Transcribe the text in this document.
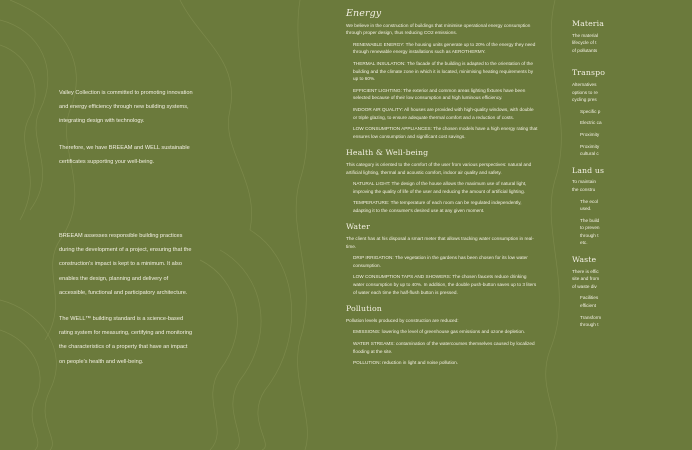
Valley Collection is committed to promoting innovation and energy efficiency through new building systems, integrating design with technology.

Therefore, we have BREEAM and WELL sustainable certificates supporting your well-being.

BREEAM assesses responsible building practices during the development of a project, ensuring that the construction's impact is kept to a minimum. It also enables the design, planning and delivery of accessible, functional and participatory architecture.

The WELL™ building standard is a science-based rating system for measuring, certifying and monitoring the characteristics of a property that have an impact on people's health and well-being.

Energy
We believe in the construction of buildings that minimise operational energy consumption through proper design, thus reducing CO2 emissions.
RENEWABLE ENERGY: The housing units generate up to 20% of the energy they need through renewable energy installations such as AEROTHERMY.
THERMAL INSULATION: The facade of the building is adapted to the orientation of the building and the climate zone in which it is located, minimising heating requirements by up to 60%.
EFFICIENT LIGHTING: The exterior and common areas lighting fixtures have been selected because of their low consumption and high luminous efficiency.
INDOOR AIR QUALITY: All houses are provided with high-quality windows, with double or triple glazing, to ensure adequate thermal comfort and a reduction of costs.
LOW CONSUMPTION APPLIANCES: The chosen models have a high energy rating that ensures low consumption and significant cost savings.
Health & Well-being
This category is oriented to the comfort of the user from various perspectives: natural and artificial lighting, thermal and acoustic comfort, indoor air quality and safety.
NATURAL LIGHT: The design of the house allows the maximum use of natural light, improving the quality of life of the user and reducing the amount of artificial lighting.
TEMPERATURE: The temperature of each room can be regulated independently, adapting it to the consumer's desired use at any given moment.
Water
The client has at his disposal a smart meter that allows tracking water consumption in real-time.
DRIP IRRIGATION: The vegetation in the gardens has been chosen for its low water consumption.
LOW CONSUMPTION TAPS AND SHOWERS: The chosen faucets reduce drinking water consumption by up to 40%. In addition, the double push-button saves up to 3 liters of water each time the half-flush button is pressed.
Pollution
Pollution levels produced by construction are reduced:
EMISSIONS: lowering the level of greenhouse gas emissions and ozone depletion.
WATER STREAMS: contamination of the watercourses themselves caused by localized flooding at the site.
POLLUTION: reduction in light and noise pollution.
Materia
The material
lifecycle of t
of pollutants
Transpo
Alternatives
options to re
cycling pres
Specific p
Electric ca
Proximity
Proximity
cultural c
Land us
To maintain
the constru
The ecol
used.
The build
to preven
through t
etc.
Waste
There is effic
site and from
of waste div
Facilities
efficient
Transform
through t
